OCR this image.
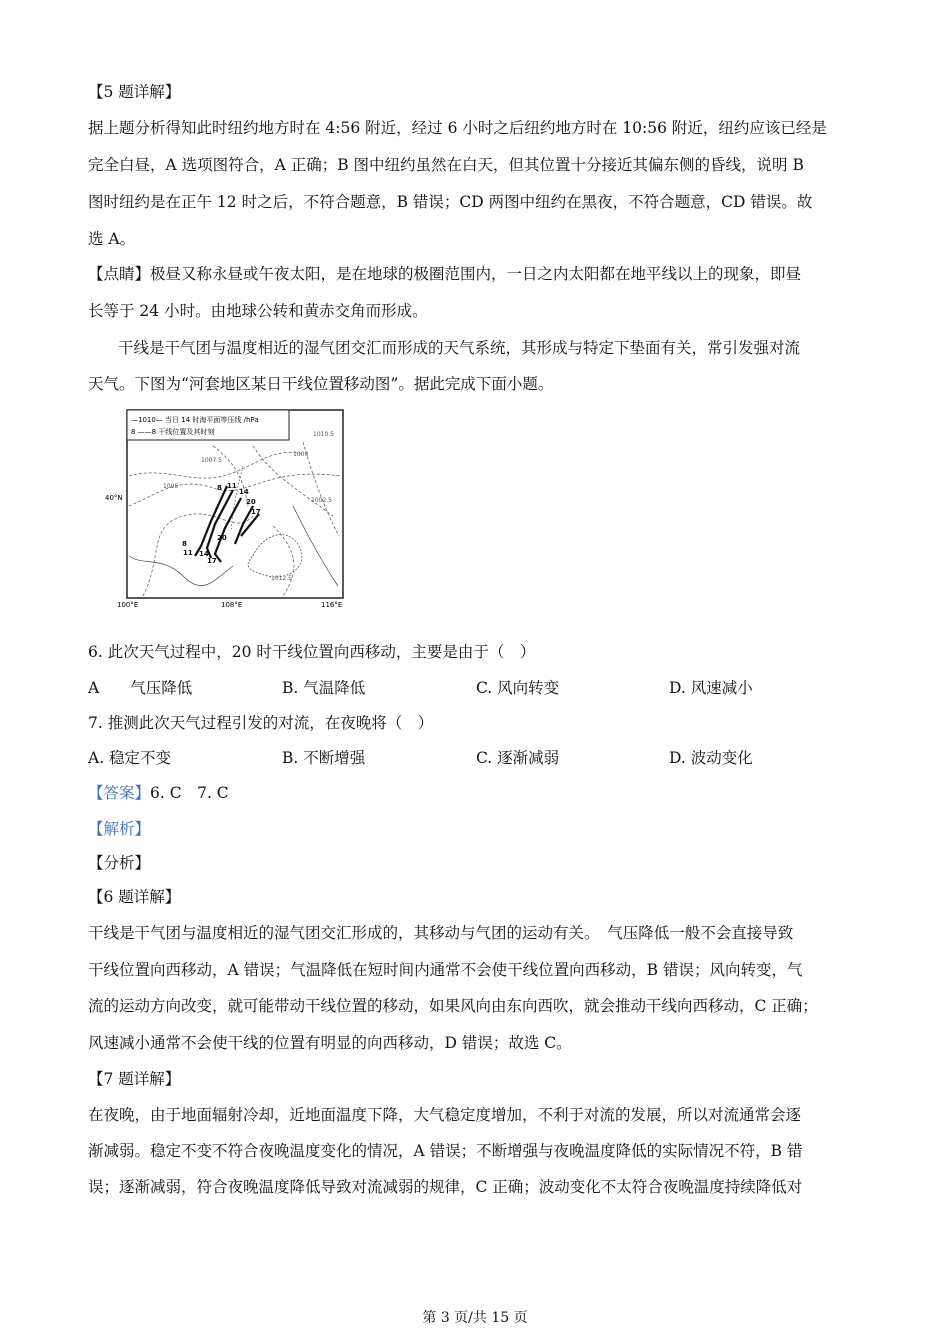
【5 题详解】
据上题分析得知此时纽约地方时在 4:56 附近，经过 6 小时之后纽约地方时在 10:56 附近，纽约应该已经是
完全白昼，A 选项图符合，A 正确；B 图中纽约虽然在白天，但其位置十分接近其偏东侧的昏线，说明 B
图时纽约是在正午 12 时之后，不符合题意，B 错误；CD 两图中纽约在黑夜，不符合题意，CD 错误。故
选 A。
【点睛】极昼又称永昼或午夜太阳，是在地球的极圈范围内，一日之内太阳都在地平线以上的现象，即昼
长等于 24 小时。由地球公转和黄赤交角而形成。
干线是干气团与温度相近的湿气团交汇而形成的天气系统，其形成与特定下垫面有关，常引发强对流
天气。下图为“河套地区某日干线位置移动图”。据此完成下面小题。
—1010— 当日 14 时海平面等压线 /hPa
8 ——8 干线位置及其时刻
1007.5
1005
1000
1002.5
1010.5
1012.5
8 11
14
20
17
8
11 14
17
20
40°N
100°E	108°E	116°E
6. 此次天气过程中，20 时干线位置向西移动，主要是由于（　）
A　　气压降低	B. 气温降低	C. 风向转变	D. 风速减小
7. 推测此次天气过程引发的对流，在夜晚将（　）
A. 稳定不变	B. 不断增强	C. 逐渐减弱	D. 波动变化
【答案】6. C　7. C
【解析】
【分析】
【6 题详解】
干线是干气团与温度相近的湿气团交汇形成的，其移动与气团的运动有关。　气压降低一般不会直接导致
干线位置向西移动，A 错误；气温降低在短时间内通常不会使干线位置向西移动，B 错误；风向转变，气
流的运动方向改变，就可能带动干线位置的移动，如果风向由东向西吹，就会推动干线向西移动，C 正确；
风速减小通常不会使干线的位置有明显的向西移动，D 错误；故选 C。
【7 题详解】
在夜晚，由于地面辐射冷却，近地面温度下降，大气稳定度增加，不利于对流的发展，所以对流通常会逐
渐减弱。稳定不变不符合夜晚温度变化的情况，A 错误；不断增强与夜晚温度降低的实际情况不符，B 错
误；逐渐减弱，符合夜晚温度降低导致对流减弱的规律，C 正确；波动变化不太符合夜晚温度持续降低对
第 3 页/共 15 页
